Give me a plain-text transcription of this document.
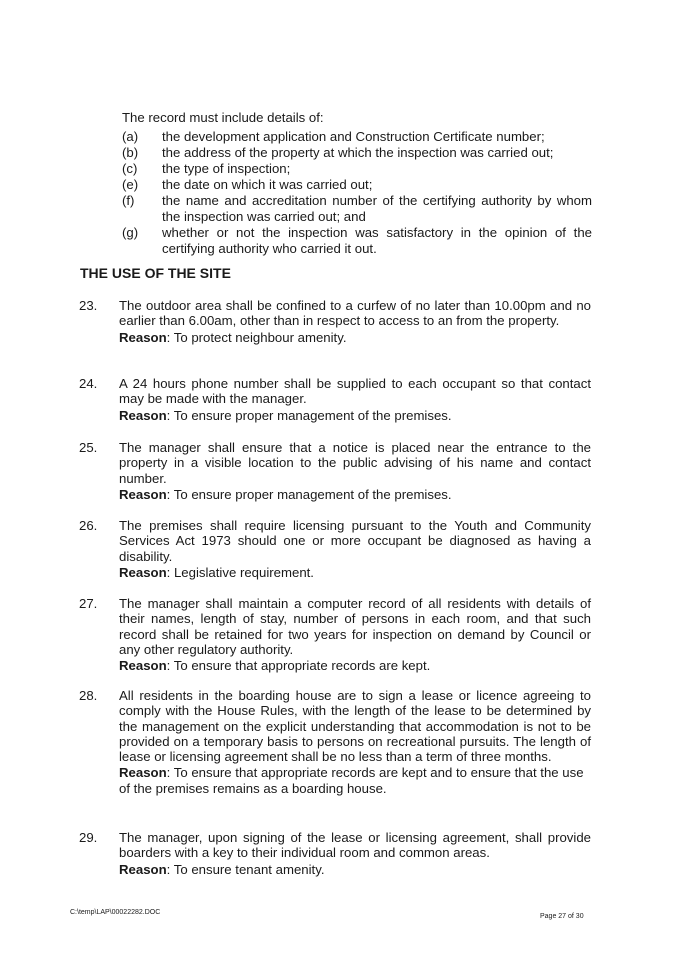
The record must include details of:

(a)	the development application and Construction Certificate number;
(b)	the address of the property at which the inspection was carried out;
(c)	the type of inspection;
(e)	the date on which it was carried out;
(f)	the name and accreditation number of the certifying authority by whom the inspection was carried out; and
(g)	whether or not the inspection was satisfactory in the opinion of the certifying authority who carried it out.
THE USE OF THE SITE
23.	The outdoor area shall be confined to a curfew of no later than 10.00pm and no earlier than 6.00am, other than in respect to access to an from the property.

Reason: To protect neighbour amenity.

24.	A 24 hours phone number shall be supplied to each occupant so that contact may be made with the manager.

Reason: To ensure proper management of the premises.

25.	The manager shall ensure that a notice is placed near the entrance to the property in a visible location to the public advising of his name and contact number.

Reason: To ensure proper management of the premises.

26.	The premises shall require licensing pursuant to the Youth and Community Services Act 1973 should one or more occupant be diagnosed as having a disability.

Reason: Legislative requirement.

27.	The manager shall maintain a computer record of all residents with details of their names, length of stay, number of persons in each room, and that such record shall be retained for two years for inspection on demand by Council or any other regulatory authority.

Reason: To ensure that appropriate records are kept.

28.	All residents in the boarding house are to sign a lease or licence agreeing to comply with the House Rules, with the length of the lease to be determined by the management on the explicit understanding that accommodation is not to be provided on a temporary basis to persons on recreational pursuits. The length of lease or licensing agreement shall be no less than a term of three months.

Reason: To ensure that appropriate records are kept and to ensure that the use of the premises remains as a boarding house.

29.	The manager, upon signing of the lease or licensing agreement, shall provide boarders with a key to their individual room and common areas.

Reason: To ensure tenant amenity.

C:\temp\LAP\00022282.DOC
Page 27 of 30
